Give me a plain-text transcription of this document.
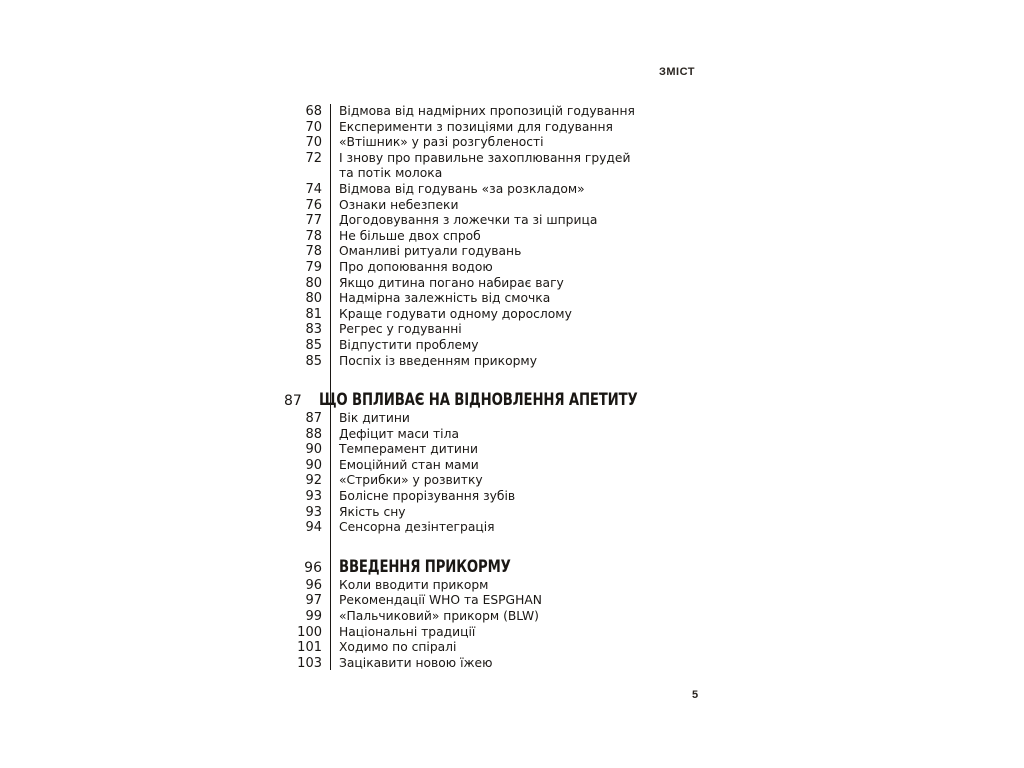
ЗМІСТ
68 Відмова від надмірних пропозицій годування
70 Експерименти з позиціями для годування
70 «Втішник» у разі розгубленості
72 І знову про правильне захоплювання грудей
та потік молока
74 Відмова від годувань «за розкладом»
76 Ознаки небезпеки
77 Догодовування з ложечки та зі шприца
78 Не більше двох спроб
78 Оманливі ритуали годувань
79 Про допоювання водою
80 Якщо дитина погано набирає вагу
80 Надмірна залежність від смочка
81 Краще годувати одному дорослому
83 Регрес у годуванні
85 Відпустити проблему
85 Поспіх із введенням прикорму
87 ЩО ВПЛИВАЄ НА ВІДНОВЛЕННЯ АПЕТИТУ
87 Вік дитини
88 Дефіцит маси тіла
90 Темперамент дитини
90 Емоційний стан мами
92 «Стрибки» у розвитку
93 Болісне прорізування зубів
93 Якість сну
94 Сенсорна дезінтеграція
96 ВВЕДЕННЯ ПРИКОРМУ
96 Коли вводити прикорм
97 Рекомендації WHO та ESPGHAN
99 «Пальчиковий» прикорм (BLW)
100 Національні традиції
101 Ходимо по спіралі
103 Зацікавити новою їжею
5
